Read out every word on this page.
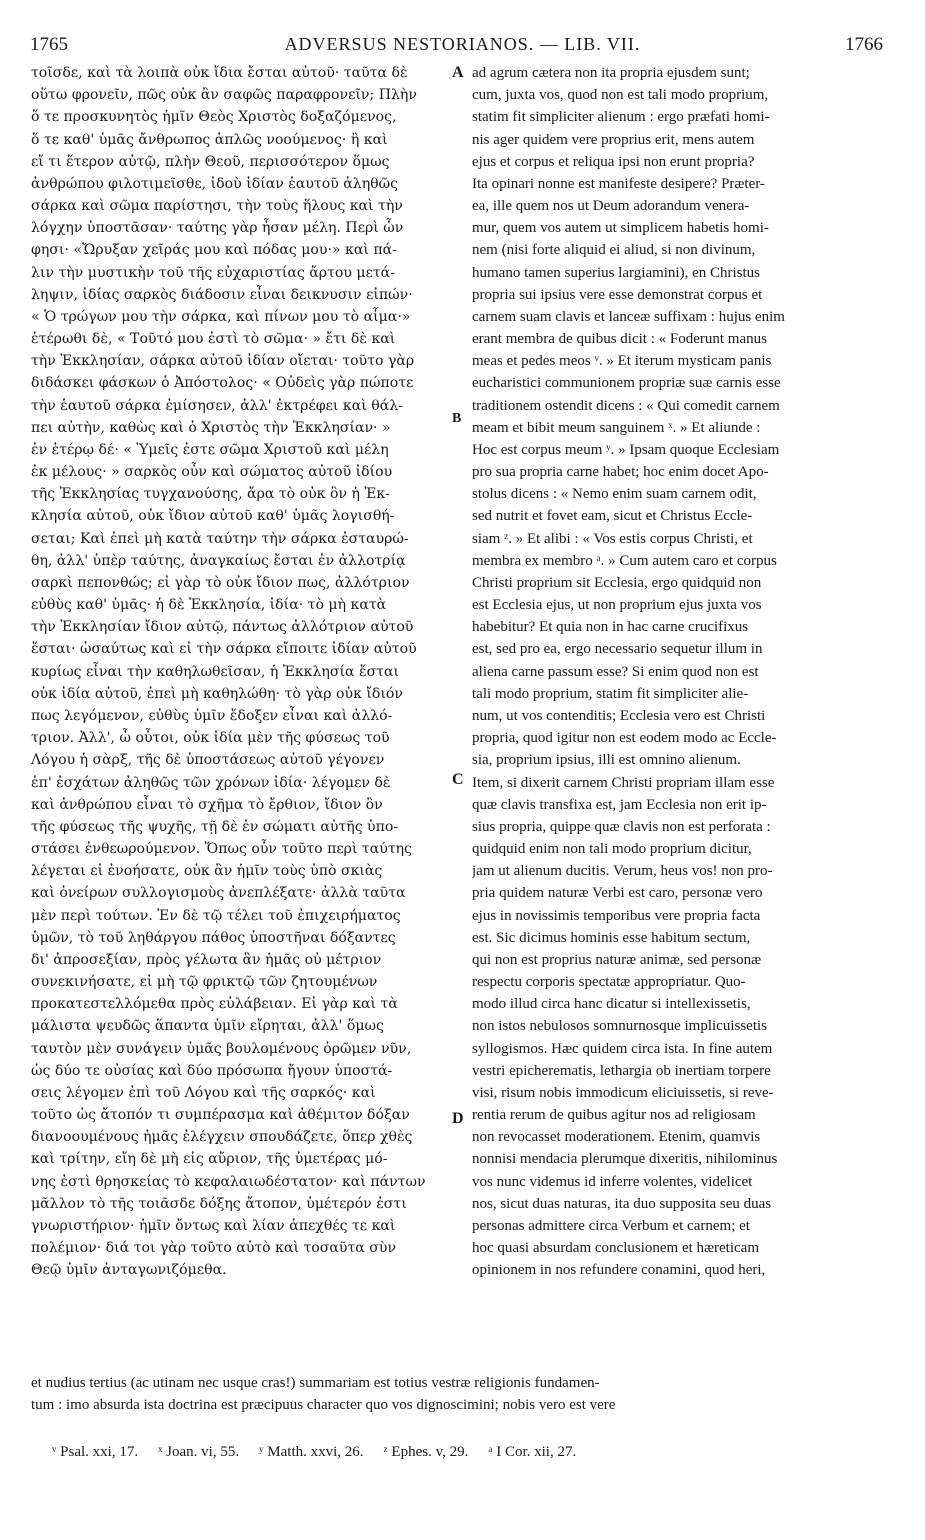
1765	ADVERSUS NESTORIANOS. — LIB. VII.	1766
τοῖσδε, καὶ τὰ λοιπὰ οὐκ ἴδια ἔσται αὐτοῦ· ταῦτα δὲ
οὕτω φρονεῖν, πῶς οὐκ ἂν σαφῶς παραφρονεῖν; Πλὴν
ὅ τε προσκυνητὸς ἡμῖν Θεὸς Χριστὸς δοξαζόμενος,
ὅ τε καθ' ὑμᾶς ἄνθρωπος ἁπλῶς νοούμενος· ἢ καὶ
εἴ τι ἕτερον αὐτῷ, πλὴν Θεοῦ, περισσότερον ὅμως
ἀνθρώπου φιλοτιμεῖσθε, ἰδοὺ ἰδίαν ἑαυτοῦ ἀληθῶς
σάρκα καὶ σῶμα παρίστησι, τὴν τοὺς ἥλους καὶ τὴν
λόγχην ὑποστᾶσαν· ταύτης γὰρ ἦσαν μέλη. Περὶ ὧν
φησι· «Ὤρυξαν χεῖράς μου καὶ πόδας μου·» καὶ πά-
λιν τὴν μυστικὴν τοῦ τῆς εὐχαριστίας ἄρτου μετά-
ληψιν, ἰδίας σαρκὸς διάδοσιν εἶναι δεικνυσιν εἰπών·
« Ὁ τρώγων μου τὴν σάρκα, καὶ πίνων μου τὸ αἷμα·»
ἑτέρωθι δὲ, « Τοῦτό μου ἐστὶ τὸ σῶμα· » ἔτι δὲ καὶ
τὴν Ἐκκλησίαν, σάρκα αὐτοῦ ἰδίαν οἴεται· τοῦτο γὰρ
διδάσκει φάσκων ὁ Ἀπόστολος· « Οὐδεὶς γὰρ πώποτε
τὴν ἑαυτοῦ σάρκα ἐμίσησεν, ἀλλ' ἐκτρέφει καὶ θάλ-
πει αὐτὴν, καθὼς καὶ ὁ Χριστὸς τὴν Ἐκκλησίαν· »
ἐν ἑτέρῳ δέ· « Ὑμεῖς ἐστε σῶμα Χριστοῦ καὶ μέλη
ἐκ μέλους· » σαρκὸς οὖν καὶ σώματος αὐτοῦ ἰδίου
τῆς Ἐκκλησίας τυγχανούσης, ἄρα τὸ οὐκ ὂν ἡ Ἐκ-
κλησία αὐτοῦ, οὐκ ἴδιον αὐτοῦ καθ' ὑμᾶς λογισθή-
σεται; Καὶ ἐπεὶ μὴ κατὰ ταύτην τὴν σάρκα ἐσταυρώ-
θη, ἀλλ' ὑπὲρ ταύτης, ἀναγκαίως ἔσται ἐν ἀλλοτρίᾳ
σαρκὶ πεπονθώς; εἰ γὰρ τὸ οὐκ ἴδιον πως, ἀλλότριον
εὐθὺς καθ' ὑμᾶς· ἡ δὲ Ἐκκλησία, ἰδία· τὸ μὴ κατὰ
τὴν Ἐκκλησίαν ἴδιον αὐτῷ, πάντως ἀλλότριον αὐτοῦ
ἔσται· ὡσαύτως καὶ εἰ τὴν σάρκα εἴποιτε ἰδίαν αὐτοῦ
κυρίως εἶναι τὴν καθηλωθεῖσαν, ἡ Ἐκκλησία ἔσται
οὐκ ἰδία αὐτοῦ, ἐπεὶ μὴ καθηλώθη· τὸ γὰρ οὐκ ἴδιόν
πως λεγόμενον, εὐθὺς ὑμῖν ἔδοξεν εἶναι καὶ ἀλλό-
τριον. Ἀλλ', ὦ οὗτοι, οὐκ ἰδία μὲν τῆς φύσεως τοῦ
Λόγου ἡ σὰρξ, τῆς δὲ ὑποστάσεως αὐτοῦ γέγονεν
ἐπ' ἐσχάτων ἀληθῶς τῶν χρόνων ἰδία· λέγομεν δὲ
καὶ ἀνθρώπου εἶναι τὸ σχῆμα τὸ ἔρθιον, ἴδιον ὂν
τῆς φύσεως τῆς ψυχῆς, τῇ δὲ ἐν σώματι αὐτῆς ὑπο-
στάσει ἐνθεωρούμενον. Ὅπως οὖν τοῦτο περὶ ταύτης
λέγεται εἰ ἐνοήσατε, οὐκ ἂν ἡμῖν τοὺς ὑπὸ σκιὰς
καὶ ὀνείρων συλλογισμοὺς ἀνεπλέξατε· ἀλλὰ ταῦτα
μὲν περὶ τούτων. Ἐν δὲ τῷ τέλει τοῦ ἐπιχειρήματος
ὑμῶν, τὸ τοῦ ληθάργου πάθος ὑποστῆναι δόξαντες
δι' ἀπροσεξίαν, πρὸς γέλωτα ἂν ἡμᾶς οὐ μέτριον
συνεκινήσατε, εἰ μὴ τῷ φρικτῷ τῶν ζητουμένων
προκατεστελλόμεθα πρὸς εὐλάβειαν. Εἰ γὰρ καὶ τὰ
μάλιστα ψευδῶς ἅπαντα ὑμῖν εἴρηται, ἀλλ' ὅμως
ταυτὸν μὲν συνάγειν ὑμᾶς βουλομένους ὁρῶμεν νῦν,
ὡς δύο τε οὐσίας καὶ δύο πρόσωπα ἤγουν ὑποστά-
σεις λέγομεν ἐπὶ τοῦ Λόγου καὶ τῆς σαρκός· καὶ
τοῦτο ὡς ἄτοπόν τι συμπέρασμα καὶ ἀθέμιτον δόξαν
διανοουμένους ἡμᾶς ἐλέγχειν σπουδάζετε, ὅπερ χθὲς
καὶ τρίτην, εἴη δὲ μὴ εἰς αὔριον, τῆς ὑμετέρας μό-
νης ἐστὶ θρησκείας τὸ κεφαλαιωδέστατον· καὶ πάντων
μᾶλλον τὸ τῆς τοιᾶσδε δόξης ἄτοπον, ὑμέτερόν ἐστι
γνωριστήριον· ἡμῖν ὄντως καὶ λίαν ἀπεχθές τε καὶ
πολέμιον· διά τοι γὰρ τοῦτο αὐτὸ καὶ τοσαῦτα σὺν
Θεῷ ὑμῖν ἀνταγωνιζόμεθα.
ad agrum cætera non ita propria ejusdem sunt;
cum, juxta vos, quod non est tali modo proprium,
statim fit simpliciter alienum : ergo præfati homi-
nis ager quidem vere proprius erit, mens autem
ejus et corpus et reliqua ipsi non erunt propria?
Ita opinari nonne est manifeste desipere? Præter-
ea, ille quem nos ut Deum adorandum venera-
mur, quem vos autem ut simplicem habetis homi-
nem (nisi forte aliquid ei aliud, si non divinum,
humano tamen superius largiamini), en Christus
propria sui ipsius vere esse demonstrat corpus et
carnem suam clavis et lanceæ suffixam : hujus enim
erant membra de quibus dicit : « Foderunt manus
meas et pedes meos ᵛ. » Et iterum mysticam panis
eucharistici communionem propriæ suæ carnis esse
traditionem ostendit dicens : « Qui comedit carnem
meam et bibit meum sanguinem ˣ. » Et aliunde :
Hoc est corpus meum ʸ. » Ipsam quoque Ecclesiam
pro sua propria carne habet; hoc enim docet Apo-
stolus dicens : « Nemo enim suam carnem odit,
sed nutrit et fovet eam, sicut et Christus Eccle-
siam ᶻ. » Et alibi : « Vos estis corpus Christi, et
membra ex membro ᵃ. » Cum autem caro et corpus
Christi proprium sit Ecclesia, ergo quidquid non
est Ecclesia ejus, ut non proprium ejus juxta vos
habebitur? Et quia non in hac carne crucifixus
est, sed pro ea, ergo necessario sequetur illum in
aliena carne passum esse? Si enim quod non est
tali modo proprium, statim fit simpliciter alie-
num, ut vos contenditis; Ecclesia vero est Christi
propria, quod igitur non est eodem modo ac Eccle-
sia, proprium ipsius, illi est omnino alienum.
Item, si dixerit carnem Christi propriam illam esse
quæ clavis transfixa est, jam Ecclesia non erit ip-
sius propria, quippe quæ clavis non est perforata :
quidquid enim non tali modo proprium dicitur,
jam ut alienum ducitis. Verum, heus vos! non pro-
pria quidem naturæ Verbi est caro, personæ vero
ejus in novissimis temporibus vere propria facta
est. Sic dicimus hominis esse habitum sectum,
qui non est proprius naturæ animæ, sed personæ
respectu corporis spectatæ appropriatur. Quo-
modo illud circa hanc dicatur si intellexissetis,
non istos nebulosos somnurnosque implicuissetis
syllogismos. Hæc quidem circa ista. In fine autem
vestri epicherematis, lethargia ob inertiam torpere
visi, risum nobis immodicum eliciuissetis, si reve-
rentia rerum de quibus agitur nos ad religiosam
non revocasset moderationem. Etenim, quamvis
nonnisi mendacia plerumque dixeritis, nihilominus
vos nunc videmus id inferre volentes, videlicet
nos, sicut duas naturas, ita duo supposita seu duas
personas admittere circa Verbum et carnem; et
hoc quasi absurdam conclusionem et hæreticam
opinionem in nos refundere conamini, quod heri,
et nudius tertius (ac utinam nec usque cras!) summariam est totius vestræ religionis fundamen-
tum : imo absurda ista doctrina est præcipuus character quo vos dignoscimini; nobis vero est vere
A
B
C
D
ᵛ Psal. xxi, 17. ˣ Joan. vi, 55. ʸ Matth. xxvi, 26. ᶻ Ephes. v, 29. ᵃ I Cor. xii, 27.
